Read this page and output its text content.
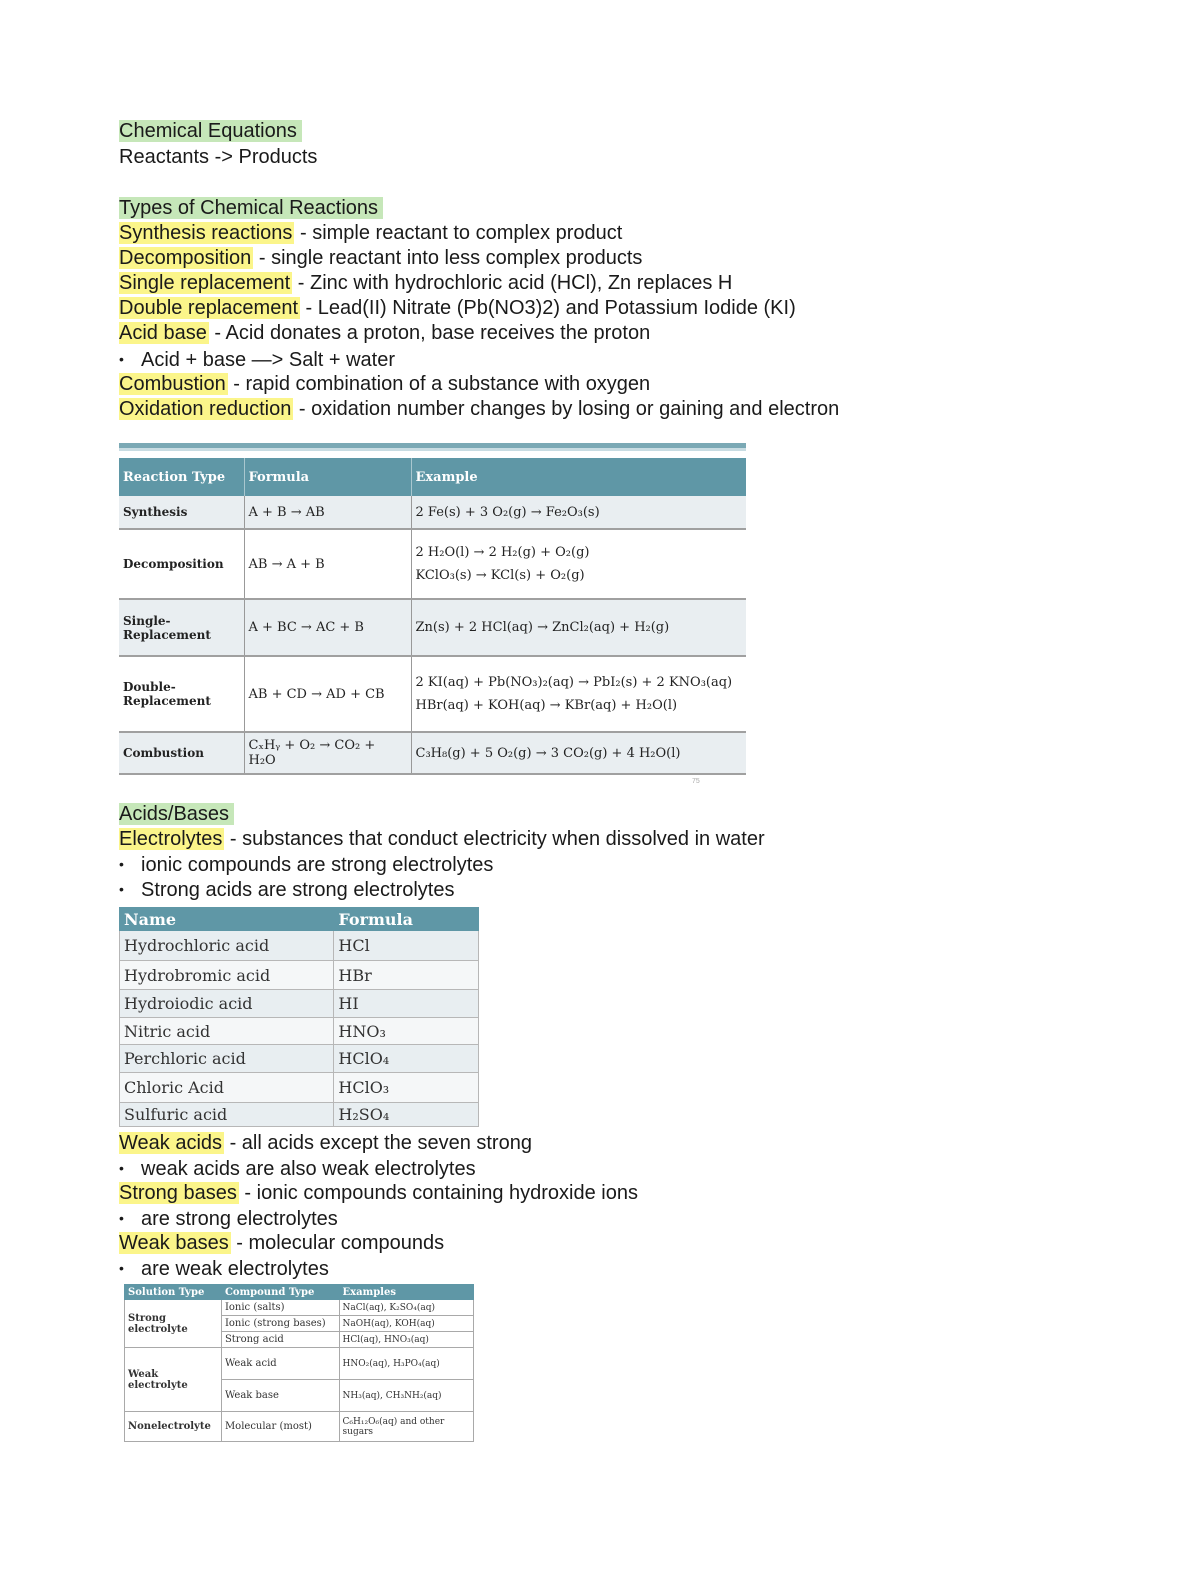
Chemical Equations
Reactants -> Products
Types of Chemical Reactions
Synthesis reactions - simple reactant to complex product
Decomposition - single reactant into less complex products
Single replacement - Zinc with hydrochloric acid (HCl), Zn replaces H
Double replacement - Lead(II) Nitrate (Pb(NO3)2) and Potassium Iodide (KI)
Acid base - Acid donates a proton, base receives the proton
• Acid + base —> Salt + water
Combustion - rapid combination of a substance with oxygen
Oxidation reduction - oxidation number changes by losing or gaining and electron
Reaction Type	Formula	Example
Synthesis	A + B → AB	2 Fe(s) + 3 O₂(g) → Fe₂O₃(s)
Decomposition	AB → A + B	2 H₂O(l) → 2 H₂(g) + O₂(g)
KClO₃(s) → KCl(s) + O₂(g)

Single-
Replacement	A + BC → AC + B	Zn(s) + 2 HCl(aq) → ZnCl₂(aq) + H₂(g)
Double-
Replacement	AB + CD → AD + CB	2 KI(aq) + Pb(NO₃)₂(aq) → PbI₂(s) + 2 KNO₃(aq)
HBr(aq) + KOH(aq) → KBr(aq) + H₂O(l)

Combustion	CₓHᵧ + O₂ → CO₂ + H₂O	C₃H₈(g) + 5 O₂(g) → 3 CO₂(g) + 4 H₂O(l)
75
Acids/Bases
Electrolytes - substances that conduct electricity when dissolved in water
• ionic compounds are strong electrolytes
• Strong acids are strong electrolytes
Name	Formula
Hydrochloric acid	HCl
Hydrobromic acid	HBr
Hydroiodic acid	HI
Nitric acid	HNO₃
Perchloric acid	HClO₄
Chloric Acid	HClO₃
Sulfuric acid	H₂SO₄
Weak acids - all acids except the seven strong
• weak acids are also weak electrolytes
Strong bases - ionic compounds containing hydroxide ions
• are strong electrolytes
Weak bases - molecular compounds
• are weak electrolytes
Solution Type	Compound Type	Examples
Strong electrolyte	Ionic (salts)	NaCl(aq), K₂SO₄(aq)
	Ionic (strong bases)	NaOH(aq), KOH(aq)
	Strong acid	HCl(aq), HNO₃(aq)
Weak electrolyte	Weak acid	HNO₂(aq), H₃PO₄(aq)
	Weak base	NH₃(aq), CH₃NH₂(aq)
Nonelectrolyte	Molecular (most)	C₆H₁₂O₆(aq) and other sugars
